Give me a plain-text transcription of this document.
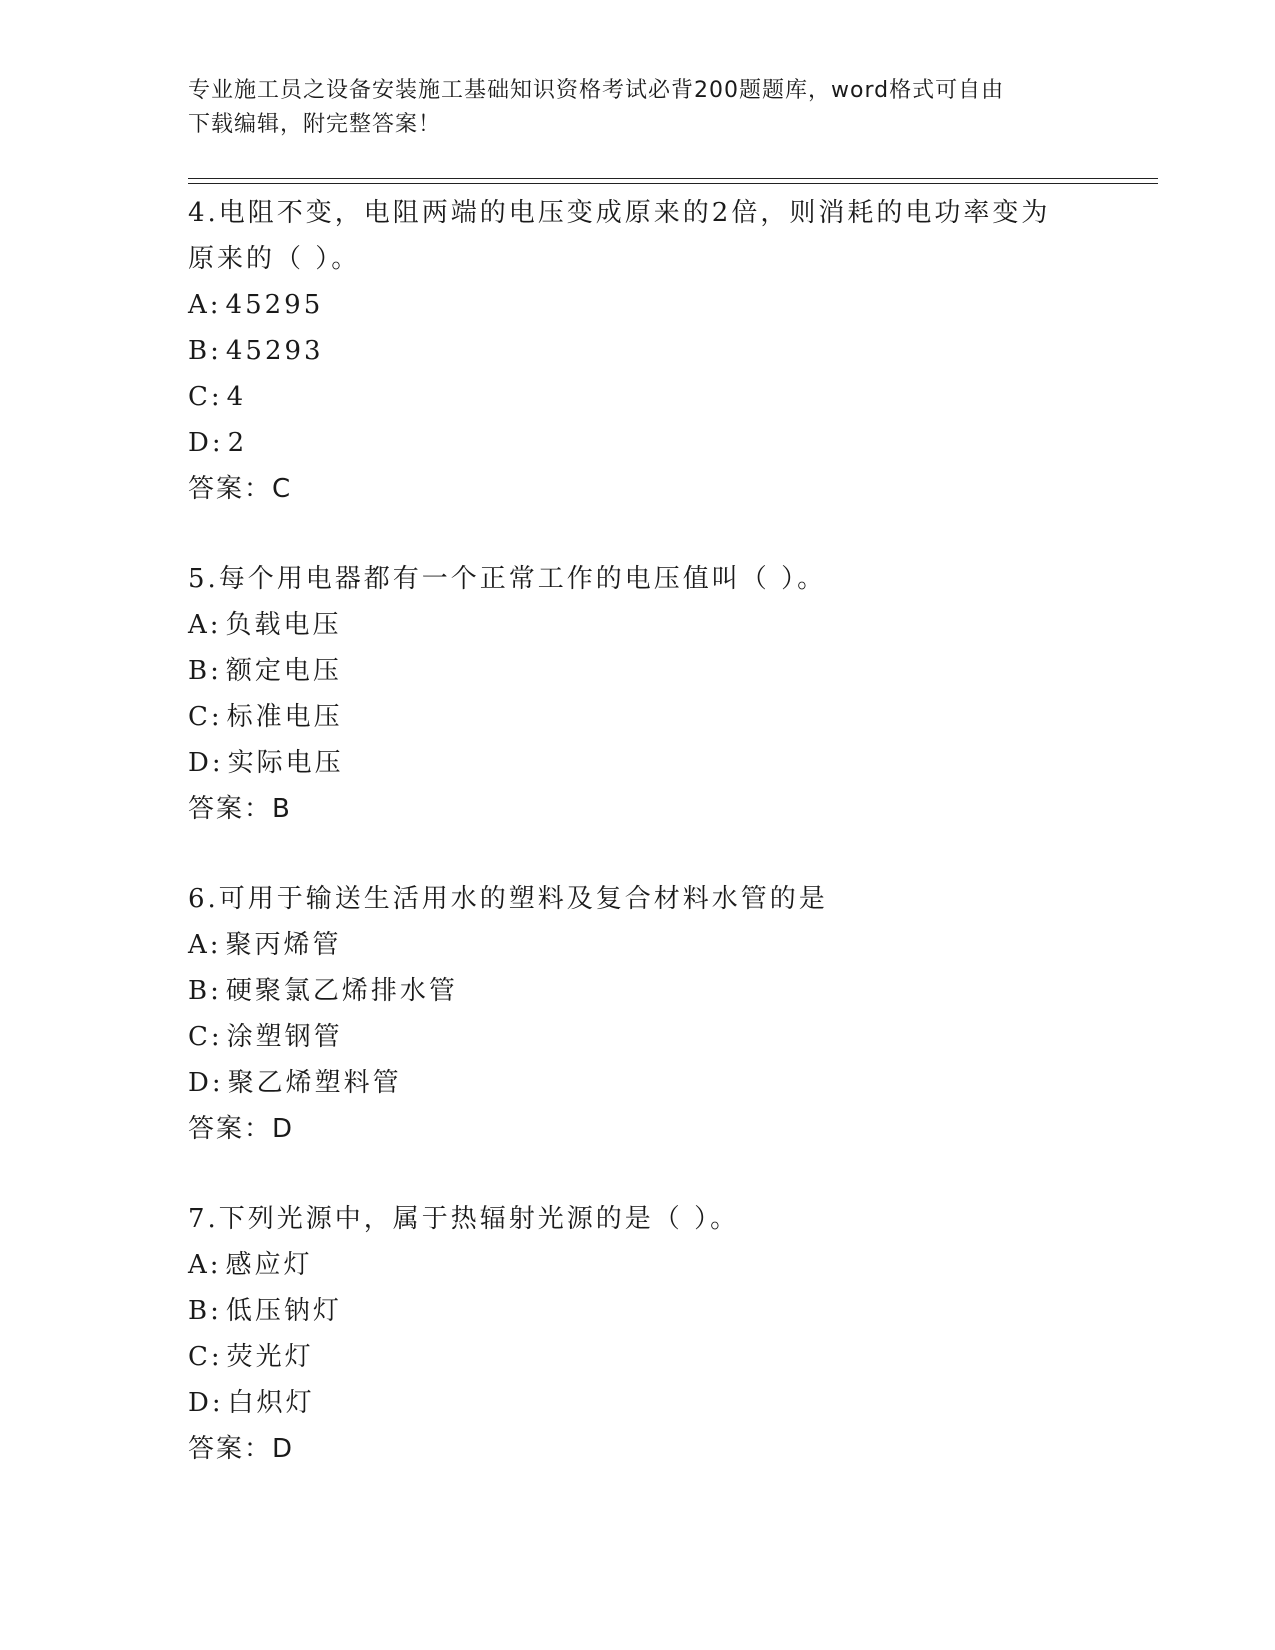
专业施工员之设备安装施工基础知识资格考试必背200题题库，word格式可自由
下载编辑，附完整答案！
4.电阻不变，电阻两端的电压变成原来的2倍，则消耗的电功率变为
原来的（ ）。
A: 45295
B: 45293
C: 4
D: 2
答案：C
5.每个用电器都有一个正常工作的电压值叫（ ）。
A: 负载电压
B: 额定电压
C: 标准电压
D: 实际电压
答案：B
6.可用于输送生活用水的塑料及复合材料水管的是
A: 聚丙烯管
B: 硬聚氯乙烯排水管
C: 涂塑钢管
D: 聚乙烯塑料管
答案：D
7.下列光源中，属于热辐射光源的是（ ）。
A: 感应灯
B: 低压钠灯
C: 荧光灯
D: 白炽灯
答案：D
